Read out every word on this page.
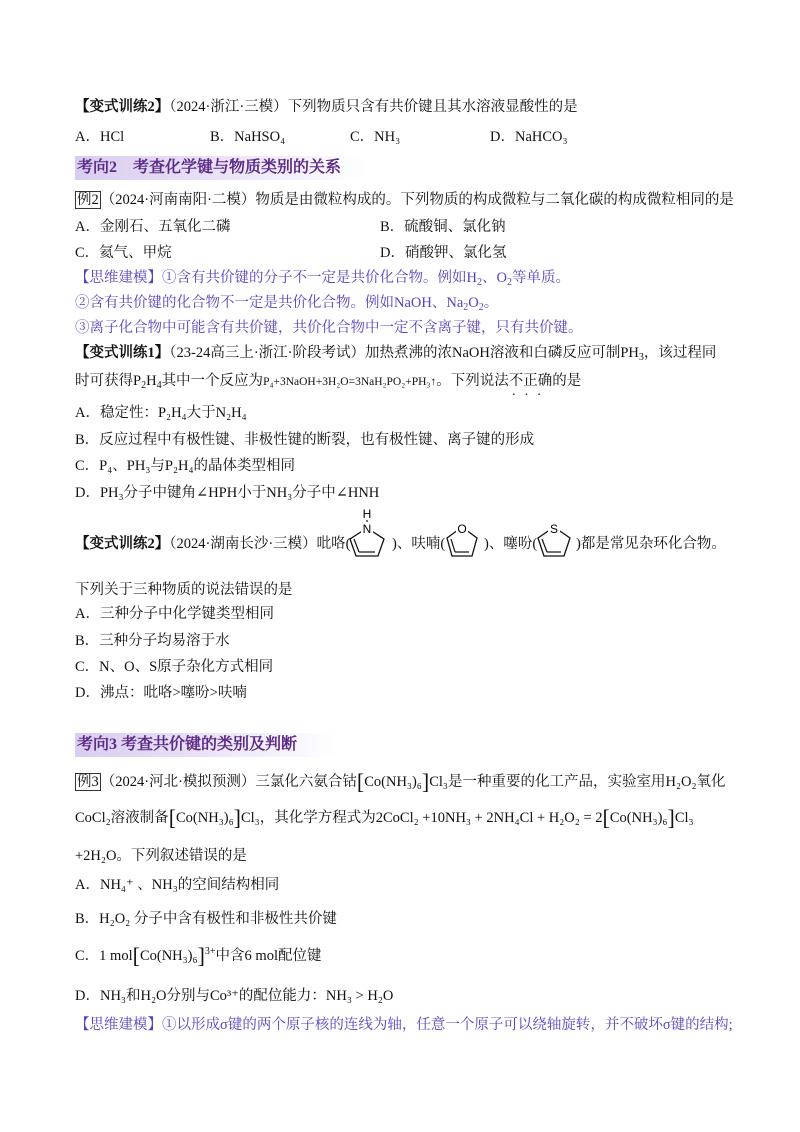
【变式训练2】（2024·浙江·三模）下列物质只含有共价键且其水溶液显酸性的是
A．HCl	B．NaHSO₄	C．NH₃	D．NaHCO₃
考向2　考查化学键与物质类别的关系
例2 （2024·河南南阳·二模）物质是由微粒构成的。下列物质的构成微粒与二氧化碳的构成微粒相同的是
A．金刚石、五氧化二磷	B．硫酸铜、氯化钠
C．氦气、甲烷	D．硝酸钾、氯化氢
【思维建模】①含有共价键的分子不一定是共价化合物。例如$H_2$、$O_2$等单质。
②含有共价键的化合物不一定是共价化合物。例如NaOH、$Na_2O_2$。
③离子化合物中可能含有共价键，共价化合物中一定不含离子键，只有共价键。
【变式训练1】（23-24高三上·浙江·阶段考试）加热煮沸的浓NaOH溶液和白磷反应可制$PH_3$，该过程同
时可获得$P_2H_4$其中一个反应为P₄+3NaOH+3H₂O=3NaH₂PO₂+PH₃↑。下列说法不正确
···
的是
A．稳定性：P₂H₄大于N₂H₄
B．反应过程中有极性键、非极性键的断裂，也有极性键、离子键的形成
C．P₄、PH₃与P₂H₄的晶体类型相同
D．PH₃分子中键角∠HPH小于NH₃分子中∠HNH
【变式训练2】（2024·湖南长沙·三模）吡咯(
N
H
)、呋喃(
O
)、噻吩(
S
)都是常见杂环化合物。
下列关于三种物质的说法错误的是
A．三种分子中化学键类型相同
B．三种分子均易溶于水
C．N、O、S原子杂化方式相同
D．沸点：吡咯>噻吩>呋喃
考向3 考查共价键的类别及判断
例3 （2024·河北·模拟预测）三氯化六氨合钴[Co(NH₃)₆]Cl₃是一种重要的化工产品，实验室用H₂O₂氧化
CoCl₂溶液制备[Co(NH₃)₆]Cl₃，其化学方程式为2CoCl₂ +10NH₃ + 2NH₄Cl + H₂O₂ = 2[Co(NH₃)₆]Cl₃
+2H₂O。下列叙述错误的是
A．NH₄⁺ 、NH₃的空间结构相同
B．H₂O₂ 分子中含有极性和非极性共价键
C．1 $mol[Co(NH_3)_6]^{3+}$中含6 mol配位键
D．NH₃和H₂O分别与Co³⁺的配位能力：NH₃ > H₂O
【思维建模】①以形成σ键的两个原子核的连线为轴，任意一个原子可以绕轴旋转，并不破坏σ键的结构;
